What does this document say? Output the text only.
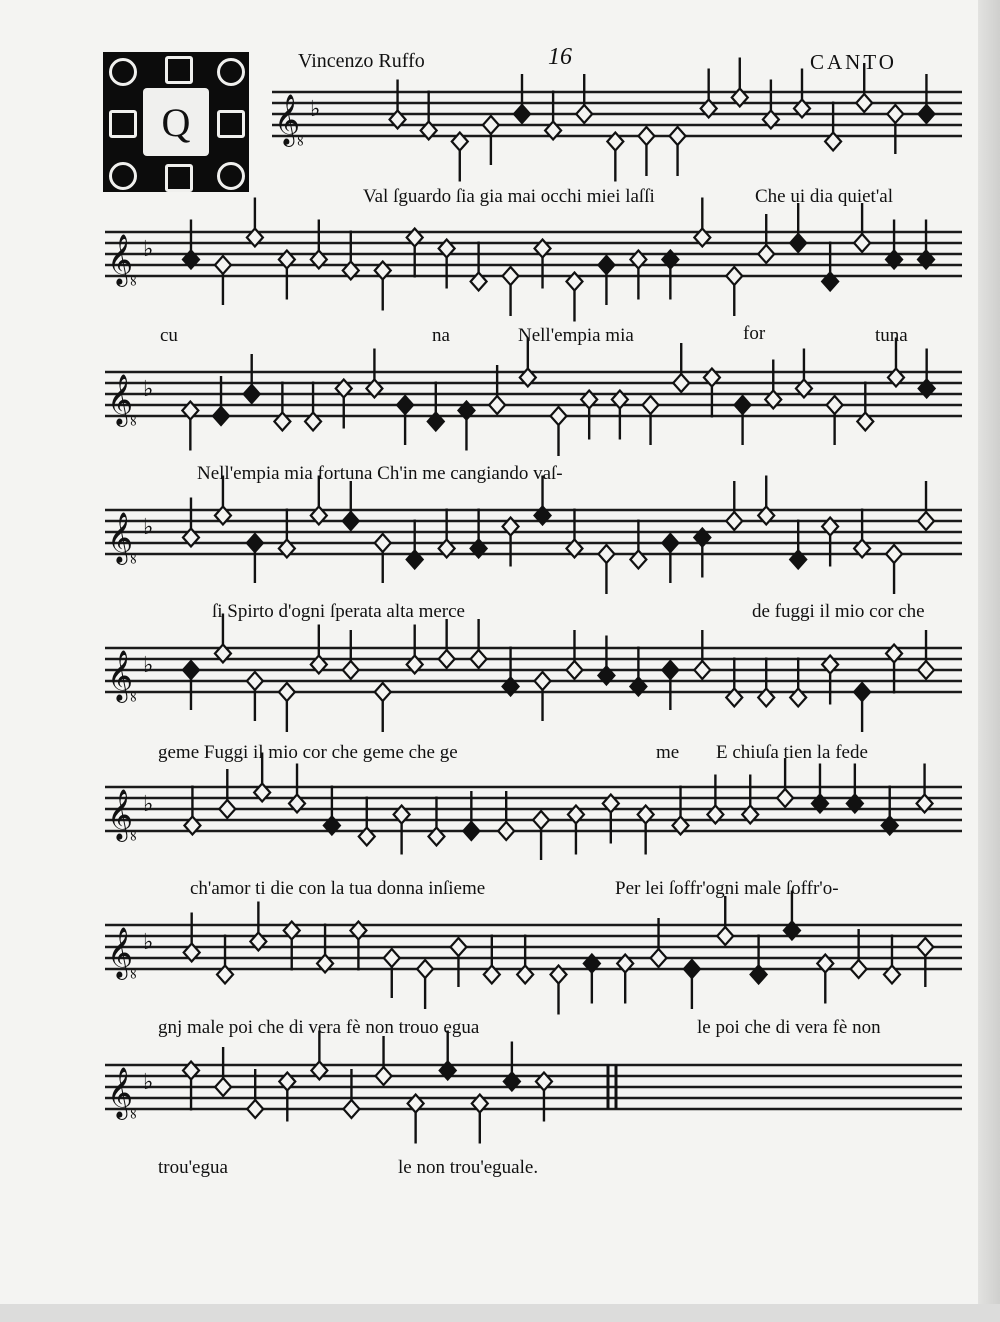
Vincenzo Ruffo	16	CANTO
Q 𝄠 ♭
𝄠 ♭
𝄠 ♭
𝄠 ♭
𝄠 ♭
𝄠 ♭
𝄠 ♭
𝄠 ♭
Val ſguardo ſia gia mai occhi miei laſſi	Che ui dia quiet'al
cu	na	Nell'empia mia	for	tuna
Nell'empia mia fortuna Ch'in me cangiando vaſ-
ſi Spirto d'ogni ſperata alta merce	de fuggi il mio cor che
geme Fuggi il mio cor che geme che ge	me E chiuſa tien la fede
ch'amor ti die con la tua donna inſieme	Per lei ſoffr'ogni male ſoffr'o-
gnj male poi che di vera fè non trouo egua	le poi che di vera fè non
trou'egua	le non trou'eguale.
